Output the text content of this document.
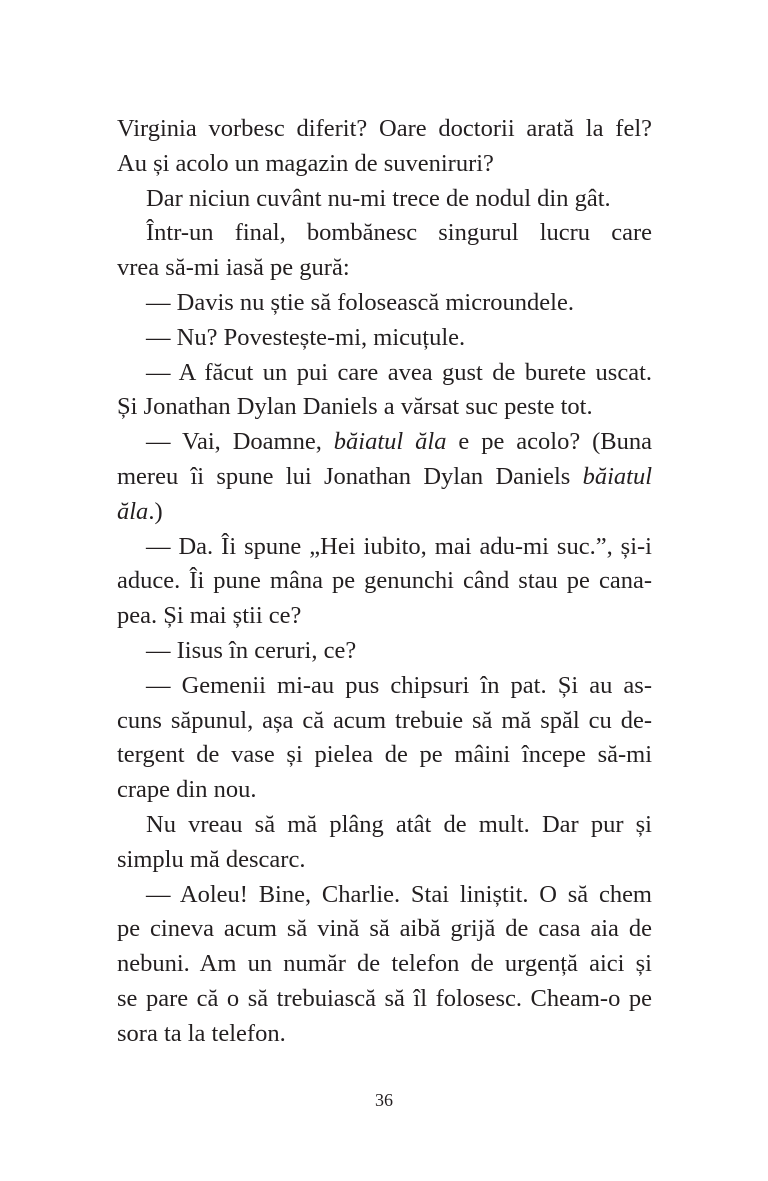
Virginia vorbesc diferit? Oare doctorii arată la fel?
Au și acolo un magazin de suveniruri?
Dar niciun cuvânt nu-mi trece de nodul din gât.
Într-un final, bombănesc singurul lucru care
vrea să-mi iasă pe gură:
— Davis nu știe să folosească microundele.
— Nu? Povestește-mi, micuțule.
— A făcut un pui care avea gust de burete uscat.
Și Jonathan Dylan Daniels a vărsat suc peste tot.
— Vai, Doamne, băiatul ăla e pe acolo? (Buna
mereu îi spune lui Jonathan Dylan Daniels băiatul
ăla.)
— Da. Îi spune „Hei iubito, mai adu-mi suc.”, și-i
aduce. Îi pune mâna pe genunchi când stau pe cana-
pea. Și mai știi ce?
— Iisus în ceruri, ce?
— Gemenii mi-au pus chipsuri în pat. Și au as-
cuns săpunul, așa că acum trebuie să mă spăl cu de-
tergent de vase și pielea de pe mâini începe să-mi
crape din nou.
Nu vreau să mă plâng atât de mult. Dar pur și
simplu mă descarc.
— Aoleu! Bine, Charlie. Stai liniștit. O să chem
pe cineva acum să vină să aibă grijă de casa aia de
nebuni. Am un număr de telefon de urgență aici și
se pare că o să trebuiască să îl folosesc. Cheam-o pe
sora ta la telefon.
36
